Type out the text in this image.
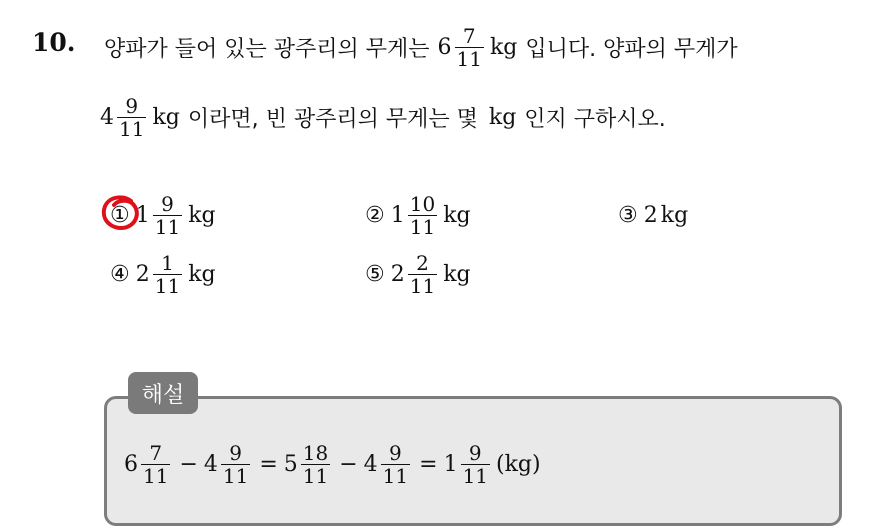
10. 양파가 들어 있는 광주리의 무게는 $6 \frac{7}{11}$ kg 입니다. 양파의 무게가
$4 \frac{9}{11}$ kg 이라면, 빈 광주리의 무게는 몇 kg 인지 구하시오.
① $1 \frac{9}{11}$ kg	② $1 \frac{10}{11}$ kg	③ 2 kg
④ $2 \frac{1}{11}$ kg	⑤ $2 \frac{2}{11}$ kg
해설
$6 \frac{7}{11} - 4 \frac{9}{11} = 5 \frac{18}{11} - 4 \frac{9}{11} = 1 \frac{9}{11} (kg)$
